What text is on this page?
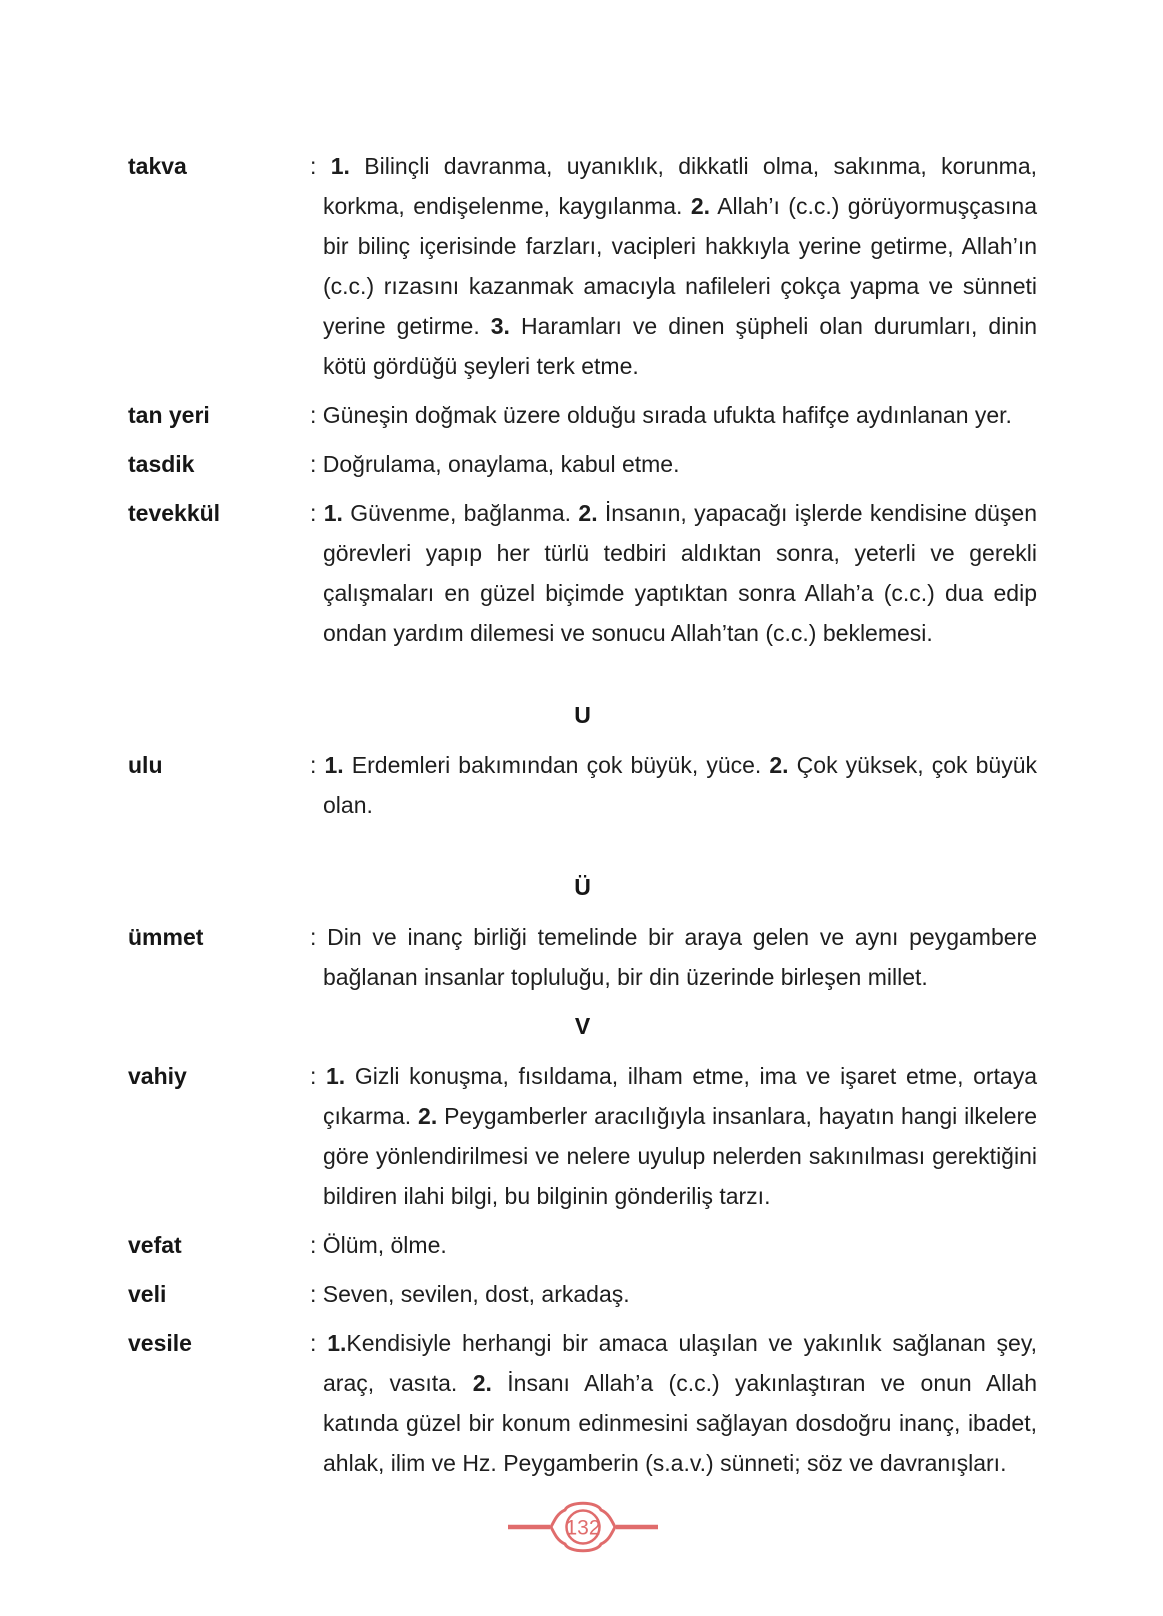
takva	: 1. Bilinçli davranma, uyanıklık, dikkatli olma, sakınma, korunma, korkma, endişelenme, kaygılanma. 2. Allah’ı (c.c.) görüyormuşçasına bir bilinç içerisinde farzları, vacipleri hakkıyla yerine getirme, Allah’ın (c.c.) rızasını kazanmak amacıyla nafileleri çokça yapma ve sünneti yerine getirme. 3. Haramları ve dinen şüpheli olan durumları, dinin kötü gördüğü şeyleri terk etme.
tan yeri	: Güneşin doğmak üzere olduğu sırada ufukta hafifçe aydınlanan yer.
tasdik	: Doğrulama, onaylama, kabul etme.
tevekkül	: 1. Güvenme, bağlanma. 2. İnsanın, yapacağı işlerde kendisine düşen görevleri yapıp her türlü tedbiri aldıktan sonra, yeterli ve gerekli çalışmaları en güzel biçimde yaptıktan sonra Allah’a (c.c.) dua edip ondan yardım dilemesi ve sonucu Allah’tan (c.c.) beklemesi.
U
ulu	: 1. Erdemleri bakımından çok büyük, yüce. 2. Çok yüksek, çok büyük olan.
Ü
ümmet	: Din ve inanç birliği temelinde bir araya gelen ve aynı peygambere bağlanan insanlar topluluğu, bir din üzerinde birleşen millet.
V
vahiy	: 1. Gizli konuşma, fısıldama, ilham etme, ima ve işaret etme, ortaya çıkarma. 2. Peygamberler aracılığıyla insanlara, hayatın hangi ilkelere göre yönlendirilmesi ve nelere uyulup nelerden sakınılması gerektiğini bildiren ilahi bilgi, bu bilginin gönderiliş tarzı.
vefat	: Ölüm, ölme.
veli	: Seven, sevilen, dost, arkadaş.
vesile	: 1.Kendisiyle herhangi bir amaca ulaşılan ve yakınlık sağlanan şey, araç, vasıta. 2. İnsanı Allah’a (c.c.) yakınlaştıran ve onun Allah katında güzel bir konum edinmesini sağlayan dosdoğru inanç, ibadet, ahlak, ilim ve Hz. Peygamberin (s.a.v.) sünneti; söz ve davranışları.
132
